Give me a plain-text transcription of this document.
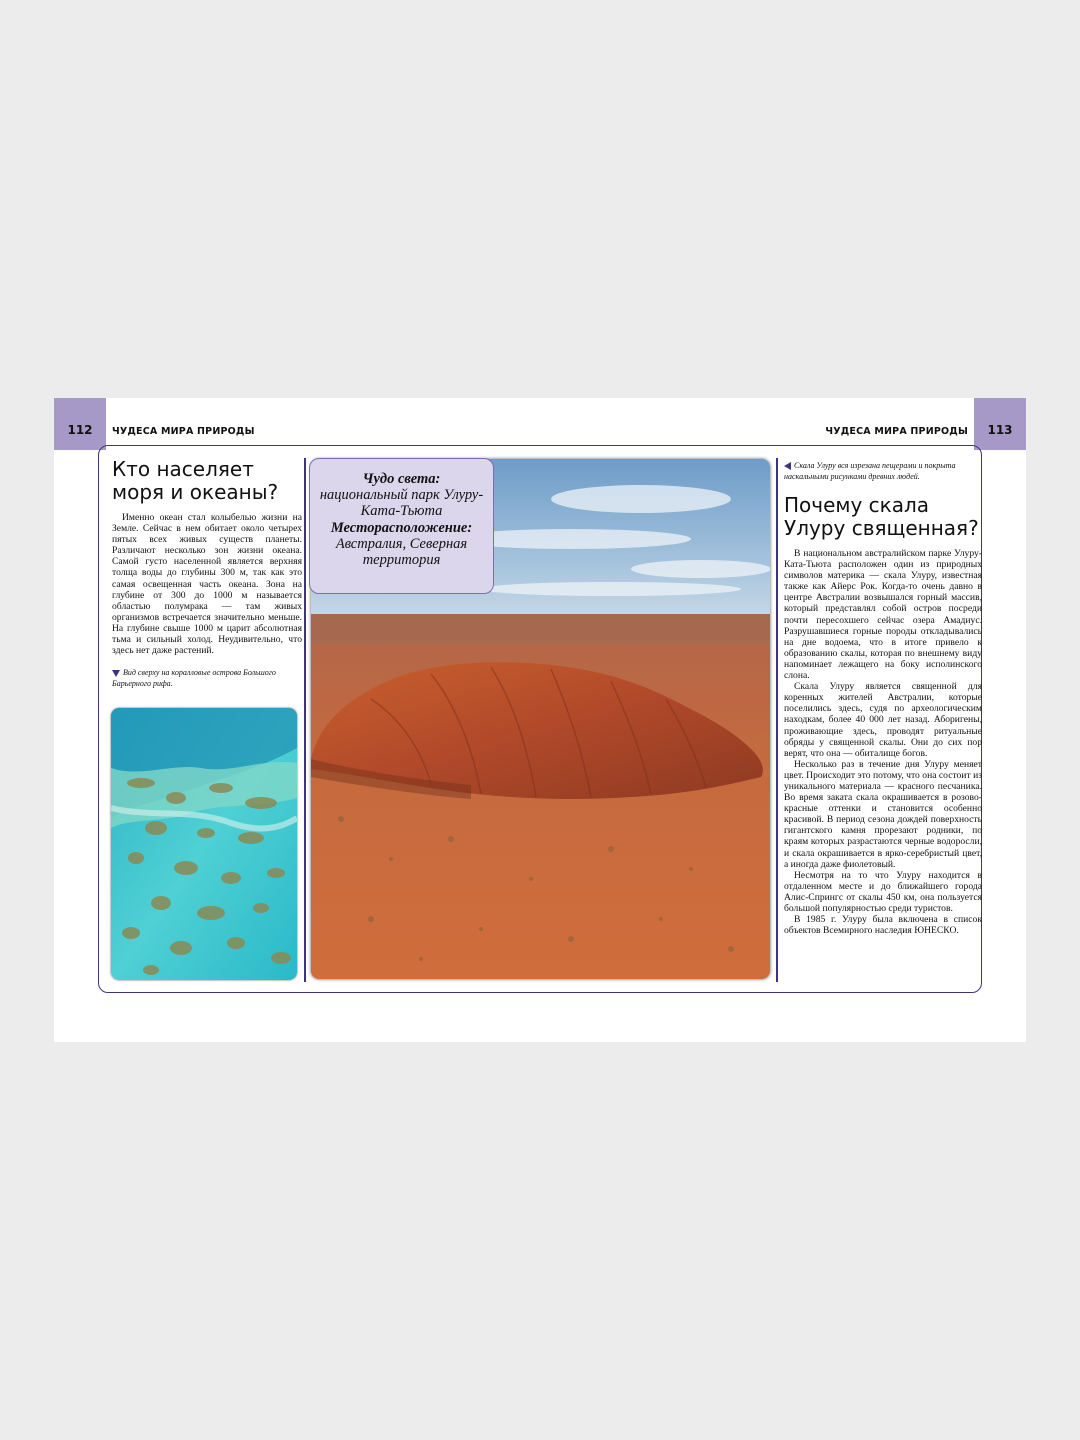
112	ЧУДЕСА МИРА ПРИРОДЫ	ЧУДЕСА МИРА ПРИРОДЫ	113
Кто населяет моря и океаны?

Именно океан стал колыбелью жизни на Земле. Сейчас в нем обитает около четырех пятых всех живых существ планеты. Различают несколько зон жизни океана. Самой густо населенной является верхняя толща воды до глубины 300 м, так как это самая освещенная часть океана. Зона на глубине от 300 до 1000 м называется областью полумрака — там живых организмов встречается значительно меньше. На глубине свыше 1000 м царит абсолютная тьма и сильный холод. Неудивительно, что здесь нет даже растений.

Вид сверху на коралловые острова Большого Барьерного рифа.
Чудо света:
национальный парк Улуру-Ката-Тьюта
Месторасположение:
Австралия, Северная территория
Скала Улуру вся изрезана пещерами и покрыта наскальными рисунками древних людей.
Почему скала Улуру священная?

В национальном австралийском парке Улуру-Ката-Тьюта расположен один из природных символов материка — скала Улуру, известная также как Айерс Рок. Когда-то очень давно в центре Австралии возвышался горный массив, который представлял собой остров посреди почти пересохшего сейчас озера Амадиус. Разрушавшиеся горные породы откладывались на дне водоема, что в итоге привело к образованию скалы, которая по внешнему виду напоминает лежащего на боку исполинского слона.

Скала Улуру является священной для коренных жителей Австралии, которые поселились здесь, судя по археологическим находкам, более 40 000 лет назад. Аборигены, проживающие здесь, проводят ритуальные обряды у священной скалы. Они до сих пор верят, что она — обиталище богов.

Несколько раз в течение дня Улуру меняет цвет. Происходит это потому, что она состоит из уникального материала — красного песчаника. Во время заката скала окрашивается в розово-красные оттенки и становится особенно красивой. В период сезона дождей поверхность гигантского камня прорезают родники, по краям которых разрастаются черные водоросли, и скала окрашивается в ярко-серебристый цвет, а иногда даже фиолетовый.

Несмотря на то что Улуру находится в отдаленном месте и до ближайшего города Алис-Спрингс от скалы 450 км, она пользуется большой популярностью среди туристов.

В 1985 г. Улуру была включена в список объектов Всемирного наследия ЮНЕСКО.
